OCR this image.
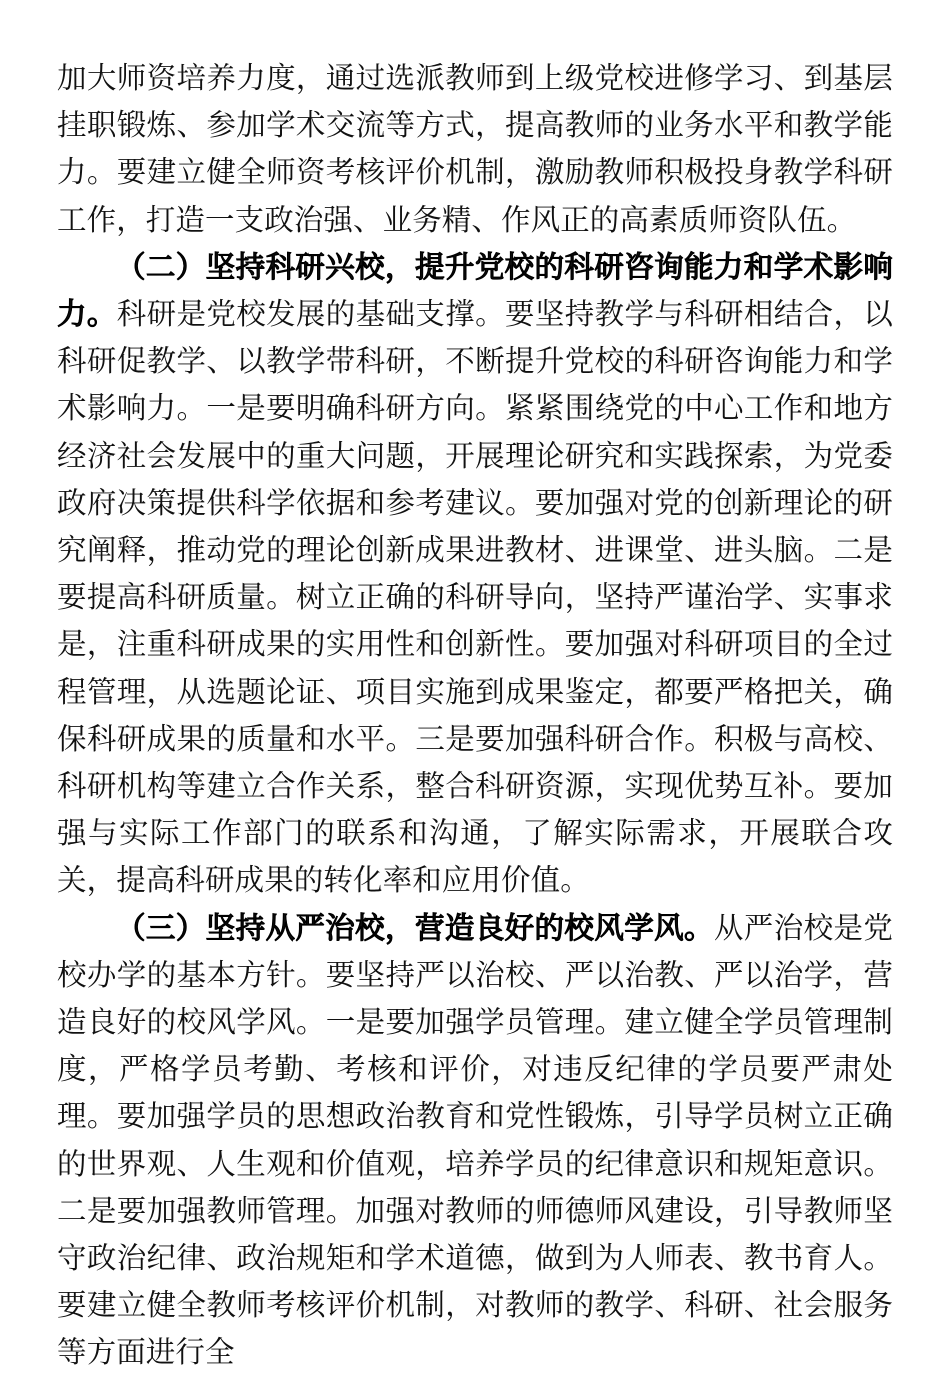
加大师资培养力度，通过选派教师到上级党校进修学习、到基层挂职锻炼、参加学术交流等方式，提高教师的业务水平和教学能力。要建立健全师资考核评价机制，激励教师积极投身教学科研工作，打造一支政治强、业务精、作风正的高素质师资队伍。

（二）坚持科研兴校，提升党校的科研咨询能力和学术影响力。科研是党校发展的基础支撑。要坚持教学与科研相结合，以科研促教学、以教学带科研，不断提升党校的科研咨询能力和学术影响力。一是要明确科研方向。紧紧围绕党的中心工作和地方经济社会发展中的重大问题，开展理论研究和实践探索，为党委政府决策提供科学依据和参考建议。要加强对党的创新理论的研究阐释，推动党的理论创新成果进教材、进课堂、进头脑。二是要提高科研质量。树立正确的科研导向，坚持严谨治学、实事求是，注重科研成果的实用性和创新性。要加强对科研项目的全过程管理，从选题论证、项目实施到成果鉴定，都要严格把关，确保科研成果的质量和水平。三是要加强科研合作。积极与高校、科研机构等建立合作关系，整合科研资源，实现优势互补。要加强与实际工作部门的联系和沟通，了解实际需求，开展联合攻关，提高科研成果的转化率和应用价值。

（三）坚持从严治校，营造良好的校风学风。从严治校是党校办学的基本方针。要坚持严以治校、严以治教、严以治学，营造良好的校风学风。一是要加强学员管理。建立健全学员管理制度，严格学员考勤、考核和评价，对违反纪律的学员要严肃处理。要加强学员的思想政治教育和党性锻炼，引导学员树立正确的世界观、人生观和价值观，培养学员的纪律意识和规矩意识。二是要加强教师管理。加强对教师的师德师风建设，引导教师坚守政治纪律、政治规矩和学术道德，做到为人师表、教书育人。要建立健全教师考核评价机制，对教师的教学、科研、社会服务等方面进行全
